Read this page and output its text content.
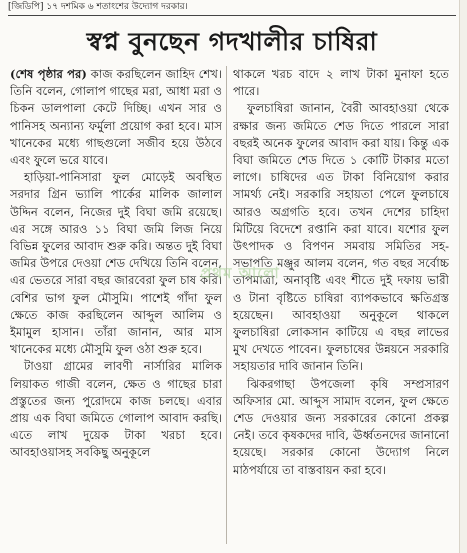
[জিডিপি] ১৭ দশমিক ৬ শতাংশের উদ্যোগ দরকার।
স্বপ্ন বুনছেন গদখালীর চাষিরা

(শেষ পৃষ্ঠার পর) কাজ করছিলেন জাহিদ শেখ। তিনি বলেন, গোলাপ গাছের মরা, আধা মরা ও চিকন ডালপালা কেটে দিচ্ছি। এখন সার ও পানিসহ অন্যান্য ফর্মুলা প্রয়োগ করা হবে। মাস খানেকের মধ্যে গাছগুলো সজীব হয়ে উঠবে এবং ফুলে ভরে যাবে।

হাড়িয়া-পানিসারা ফুল মোড়েই অবস্থিত সরদার গ্রিন ভ্যালি পার্কের মালিক জালাল উদ্দিন বলেন, নিজের দুই বিঘা জমি রয়েছে। এর সঙ্গে আরও ১১ বিঘা জমি লিজ নিয়ে বিভিন্ন ফুলের আবাদ শুরু করি। অন্তত দুই বিঘা জমির উপরে দেওয়া শেড দেখিয়ে তিনি বলেন, এর ভেতরে সারা বছর জারবেরা ফুল চাষ করি। বেশির ভাগ ফুল মৌসুমি। পাশেই গাঁদা ফুল ক্ষেতে কাজ করছিলেন আব্দুল আলিম ও ইমামুল হাসান। তাঁরা জানান, আর মাস খানেকের মধ্যে মৌসুমি ফুল ওঠা শুরু হবে।

টাওয়া গ্রামের লাবণী নার্সারির মালিক লিয়াকত গাজী বলেন, ক্ষেত ও গাছের চারা প্রস্তুতের জন্য পুরোদমে কাজ চলছে। এবার প্রায় এক বিঘা জমিতে গোলাপ আবাদ করছি। এতে লাখ দুয়েক টাকা খরচা হবে। আবহাওয়াসহ সবকিছু অনুকূলে

থাকলে খরচ বাদে ২ লাখ টাকা মুনাফা হতে পারে।

ফুলচাষিরা জানান, বৈরী আবহাওয়া থেকে রক্ষার জন্য জমিতে শেড দিতে পারলে সারা বছরই অনেক ফুলের আবাদ করা যায়। কিন্তু এক বিঘা জমিতে শেড দিতে ১ কোটি টাকার মতো লাগে। চাষিদের এত টাকা বিনিয়োগ করার সামর্থ্য নেই। সরকারি সহায়তা পেলে ফুলচাষে আরও অগ্রগতি হবে। তখন দেশের চাহিদা মিটিয়ে বিদেশে রপ্তানি করা যাবে। যশোর ফুল উৎপাদক ও বিপণন সমবায় সমিতির সহ-সভাপতি মঞ্জুর আলম বলেন, গত বছর সর্বোচ্চ তাপমাত্রা, অনাবৃষ্টি এবং শীতে দুই দফায় ভারী ও টানা বৃষ্টিতে চাষিরা ব্যাপকভাবে ক্ষতিগ্রস্ত হয়েছেন। আবহাওয়া অনুকূলে থাকলে ফুলচাষিরা লোকসান কাটিয়ে এ বছর লাভের মুখ দেখতে পাবেন। ফুলচাষের উন্নয়নে সরকারি সহায়তার দাবি জানান তিনি।

ঝিকরগাছা উপজেলা কৃষি সম্প্রসারণ অফিসার মো. আব্দুস সামাদ বলেন, ফুল ক্ষেতে শেড দেওয়ার জন্য সরকারের কোনো প্রকল্প নেই। তবে কৃষকদের দাবি, ঊর্ধ্বতনদের জানানো হয়েছে। সরকার কোনো উদ্যোগ নিলে মাঠপর্যায়ে তা বাস্তবায়ন করা হবে।

প্রথম আলো
